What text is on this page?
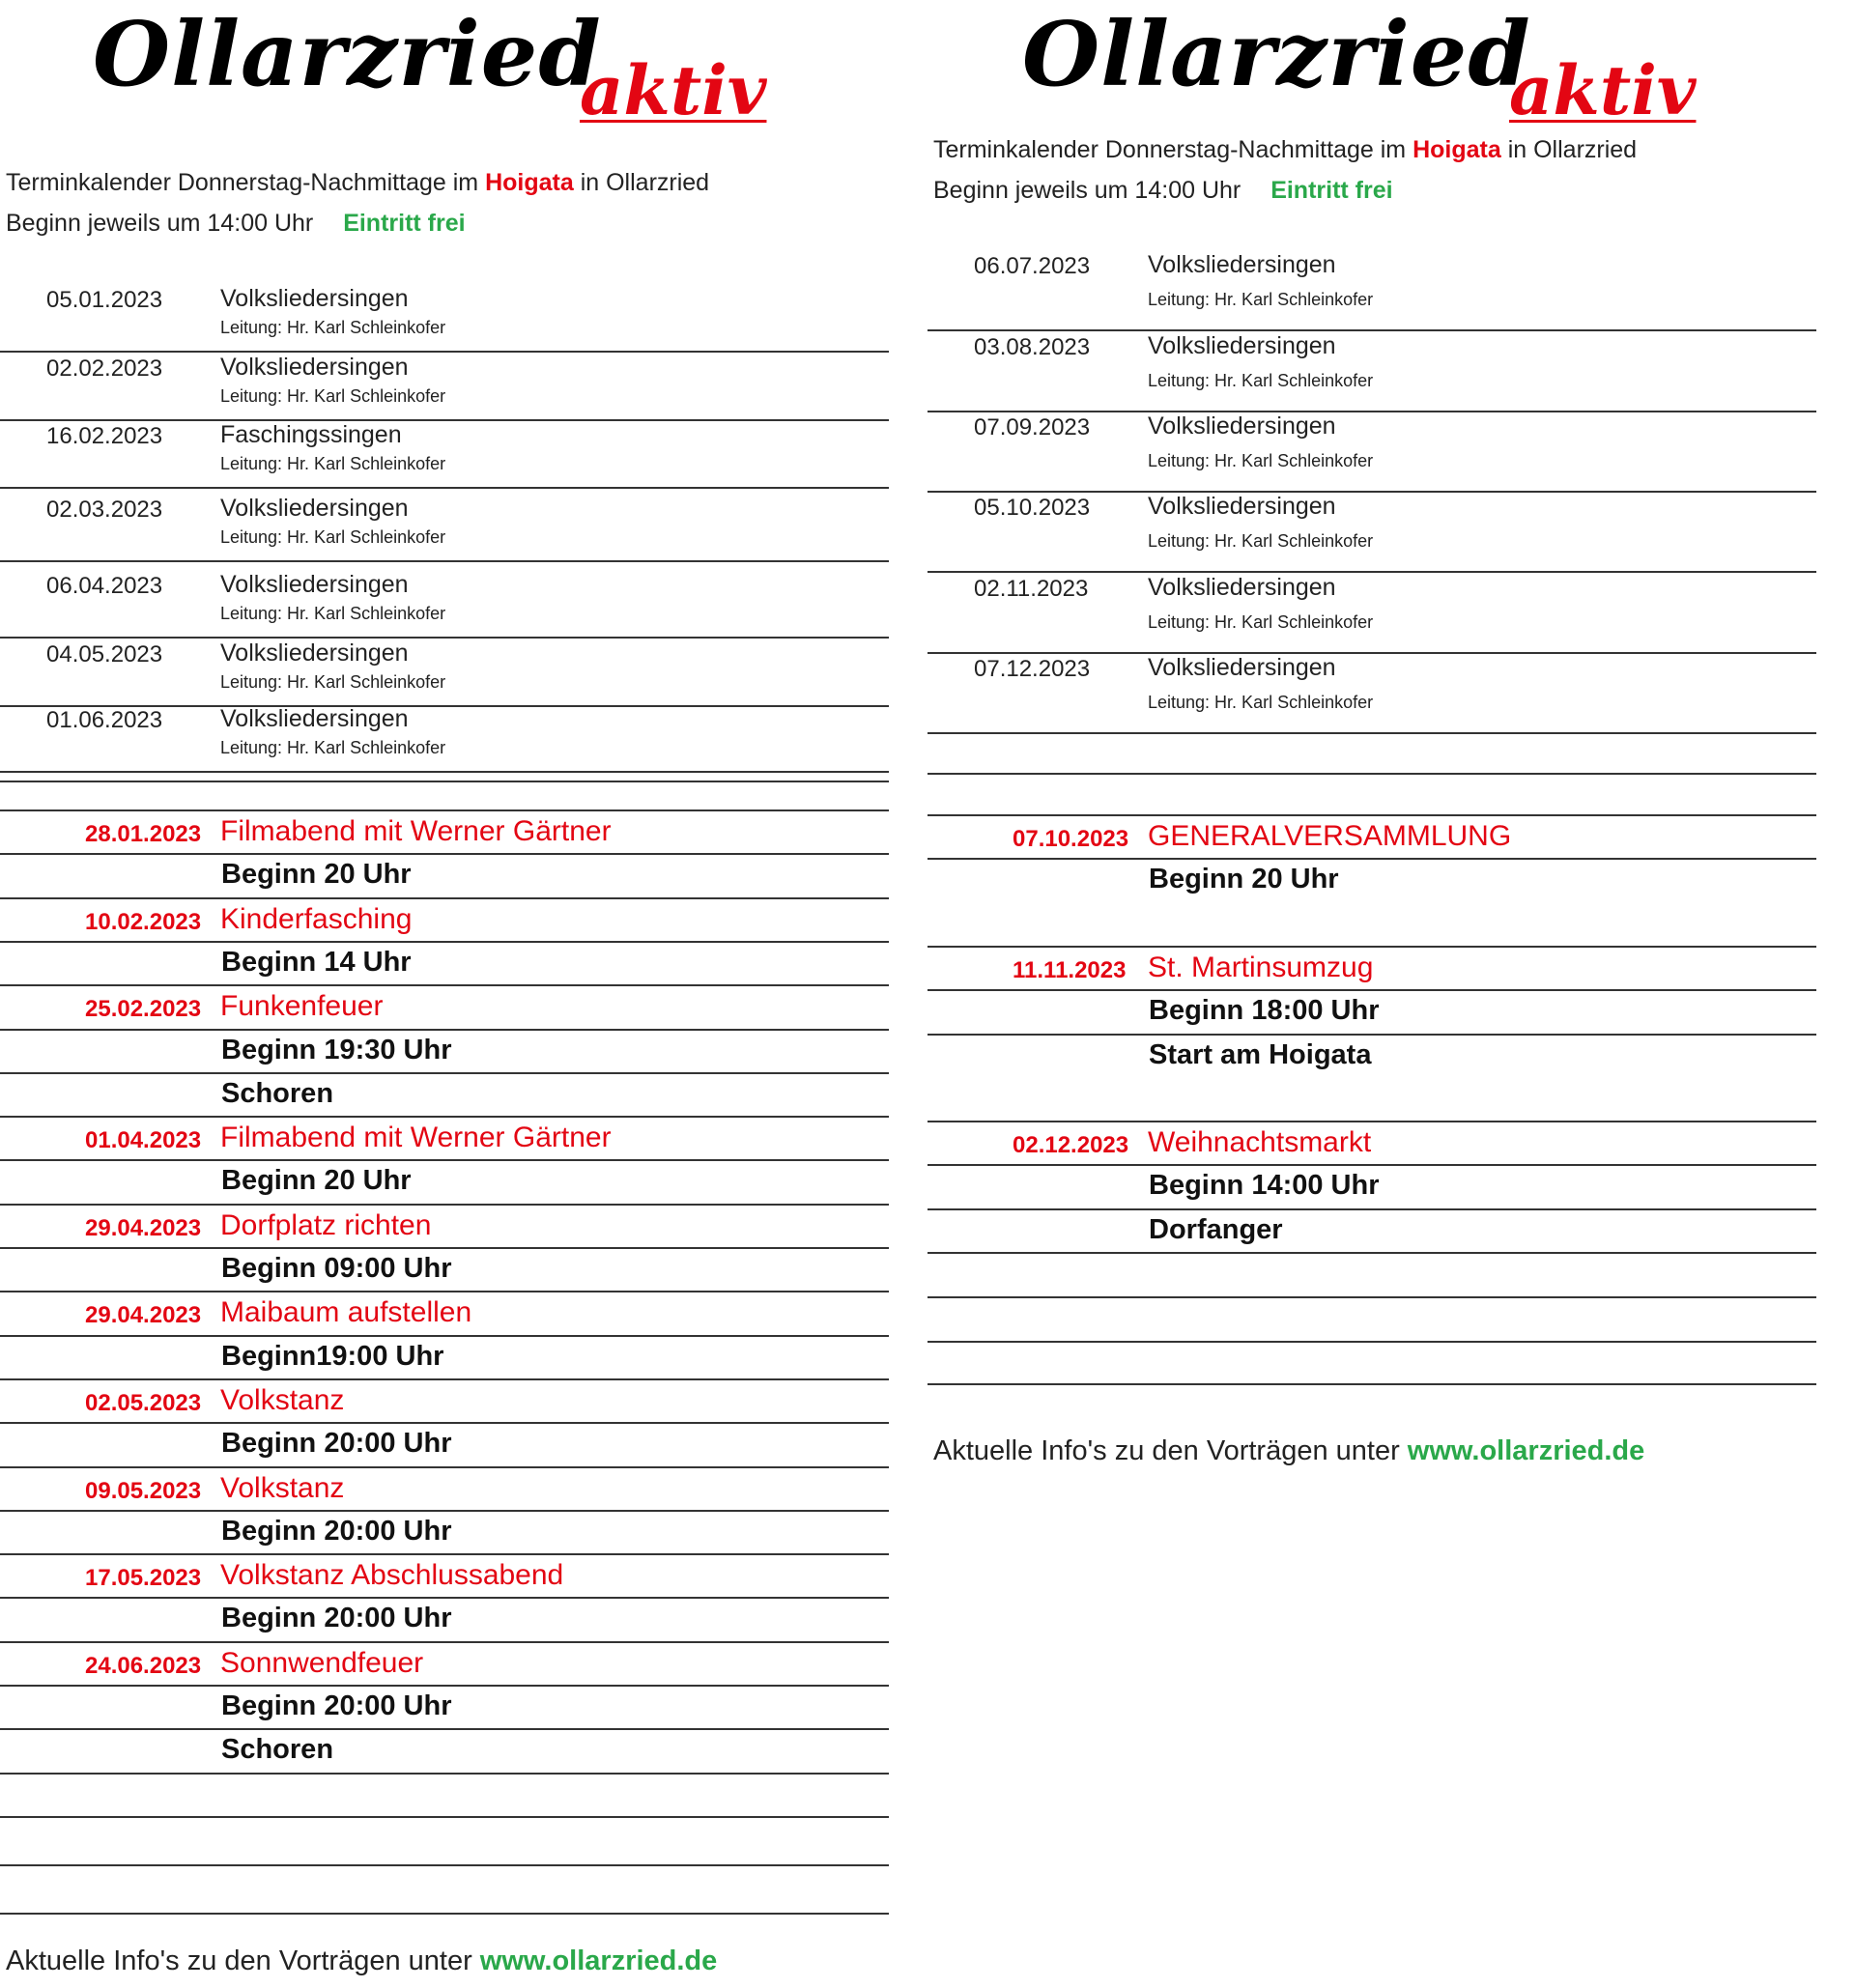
Ollarzried
aktiv
Terminkalender Donnerstag-Nachmittage im Hoigata in Ollarzried
Beginn jeweils um 14:00 Uhr Eintritt frei
05.01.2023 Volksliedersingen
Leitung: Hr. Karl Schleinkofer
02.02.2023 Volksliedersingen
Leitung: Hr. Karl Schleinkofer
16.02.2023 Faschingssingen
Leitung: Hr. Karl Schleinkofer
02.03.2023 Volksliedersingen
Leitung: Hr. Karl Schleinkofer
06.04.2023 Volksliedersingen
Leitung: Hr. Karl Schleinkofer
04.05.2023 Volksliedersingen
Leitung: Hr. Karl Schleinkofer
01.06.2023 Volksliedersingen
Leitung: Hr. Karl Schleinkofer
28.01.2023 Filmabend mit Werner Gärtner
Beginn 20 Uhr
10.02.2023 Kinderfasching
Beginn 14 Uhr
25.02.2023 Funkenfeuer
Beginn 19:30 Uhr
Schoren
01.04.2023 Filmabend mit Werner Gärtner
Beginn 20 Uhr
29.04.2023 Dorfplatz richten
Beginn 09:00 Uhr
29.04.2023 Maibaum aufstellen
Beginn19:00 Uhr
02.05.2023 Volkstanz
Beginn 20:00 Uhr
09.05.2023 Volkstanz
Beginn 20:00 Uhr
17.05.2023 Volkstanz Abschlussabend
Beginn 20:00 Uhr
24.06.2023 Sonnwendfeuer
Beginn 20:00 Uhr
Schoren
Aktuelle Info's zu den Vorträgen unter www.ollarzried.de
Ollarzried
aktiv
Terminkalender Donnerstag-Nachmittage im Hoigata in Ollarzried
Beginn jeweils um 14:00 Uhr Eintritt frei
06.07.2023 Volksliedersingen
Leitung: Hr. Karl Schleinkofer
03.08.2023 Volksliedersingen
Leitung: Hr. Karl Schleinkofer
07.09.2023 Volksliedersingen
Leitung: Hr. Karl Schleinkofer
05.10.2023 Volksliedersingen
Leitung: Hr. Karl Schleinkofer
02.11.2023 Volksliedersingen
Leitung: Hr. Karl Schleinkofer
07.12.2023 Volksliedersingen
Leitung: Hr. Karl Schleinkofer
07.10.2023 GENERALVERSAMMLUNG
Beginn 20 Uhr
11.11.2023 St. Martinsumzug
Beginn 18:00 Uhr
Start am Hoigata
02.12.2023 Weihnachtsmarkt
Beginn 14:00 Uhr
Dorfanger
Aktuelle Info's zu den Vorträgen unter www.ollarzried.de
